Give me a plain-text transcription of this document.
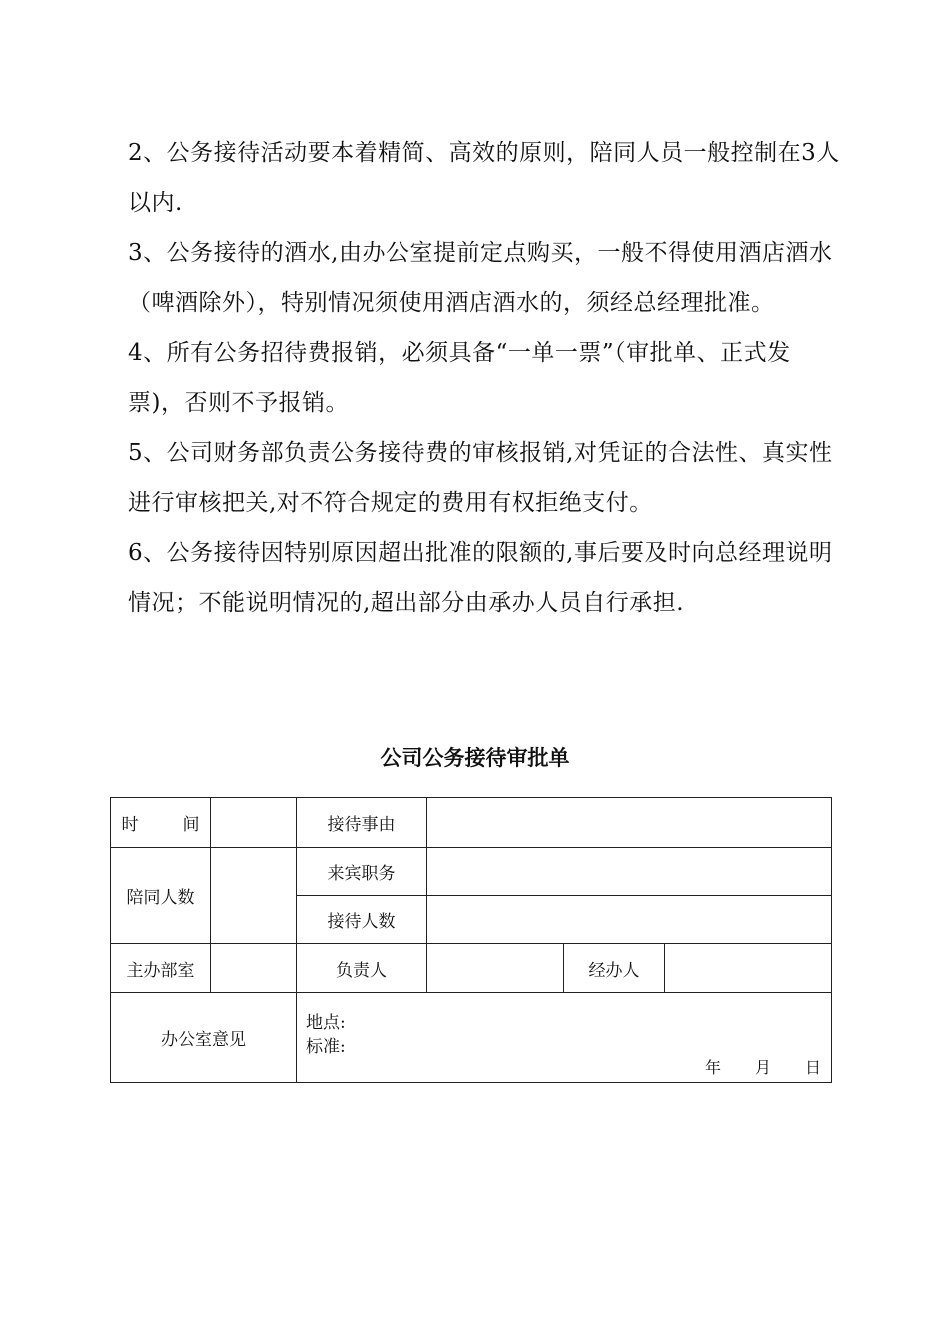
2、公务接待活动要本着精简、高效的原则，陪同人员一般控制在3人以内.

3、公务接待的酒水,由办公室提前定点购买，一般不得使用酒店酒水（啤酒除外），特别情况须使用酒店酒水的，须经总经理批准。

4、所有公务招待费报销，必须具备“一单一票”（审批单、正式发票)，否则不予报销。

5、公司财务部负责公务接待费的审核报销,对凭证的合法性、真实性进行审核把关,对不符合规定的费用有权拒绝支付。

6、公务接待因特别原因超出批准的限额的,事后要及时向总经理说明情况；不能说明情况的,超出部分由承办人员自行承担.

公司公务接待审批单
时 间		接待事由			
陪同人数		来宾职务			
		接待人数			
主办部室		负责人		经办人	
办公室意见		地点:
标准:
年 月 日			
